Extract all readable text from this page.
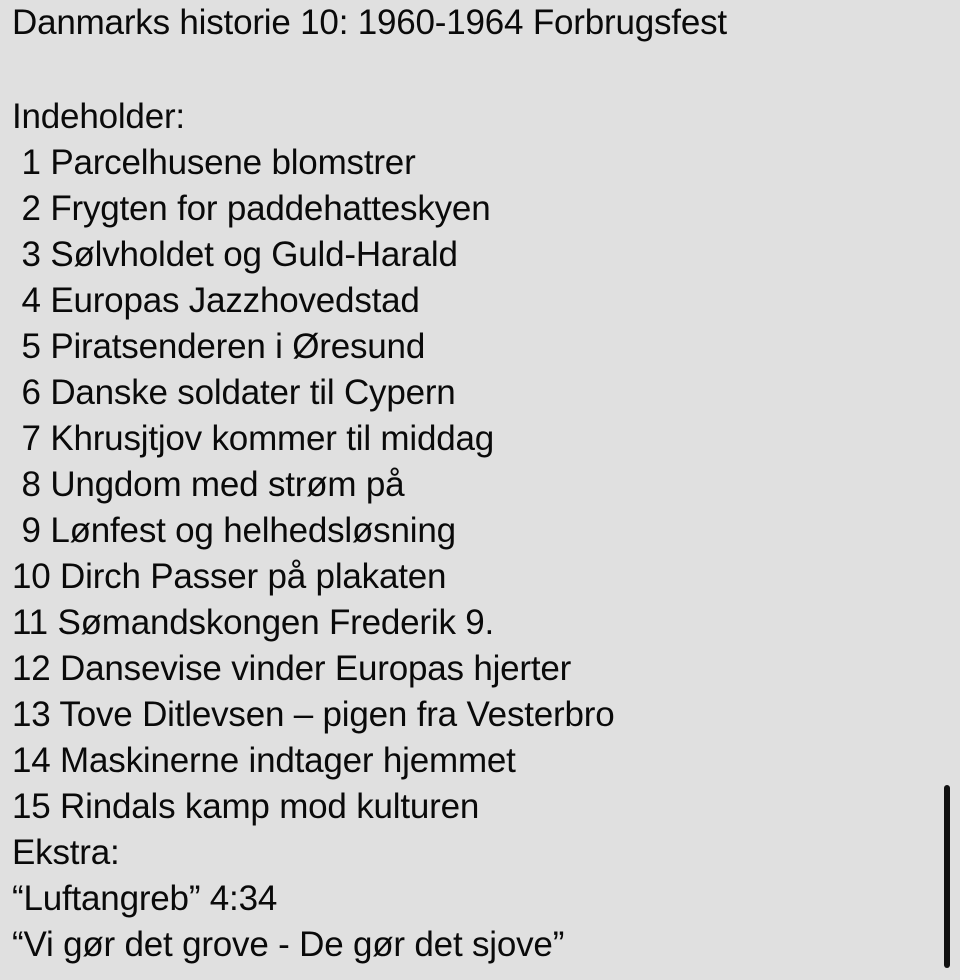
Danmarks historie 10: 1960-1964 Forbrugsfest
Indeholder:
1 Parcelhusene blomstrer
2 Frygten for paddehatteskyen
3 Sølvholdet og Guld-Harald
4 Europas Jazzhovedstad
5 Piratsenderen i Øresund
6 Danske soldater til Cypern
7 Khrusjtjov kommer til middag
8 Ungdom med strøm på
9 Lønfest og helhedsløsning
10 Dirch Passer på plakaten
11 Sømandskongen Frederik 9.
12 Dansevise vinder Europas hjerter
13 Tove Ditlevsen – pigen fra Vesterbro
14 Maskinerne indtager hjemmet
15 Rindals kamp mod kulturen
Ekstra:
“Luftangreb” 4:34
“Vi gør det grove - De gør det sjove”
